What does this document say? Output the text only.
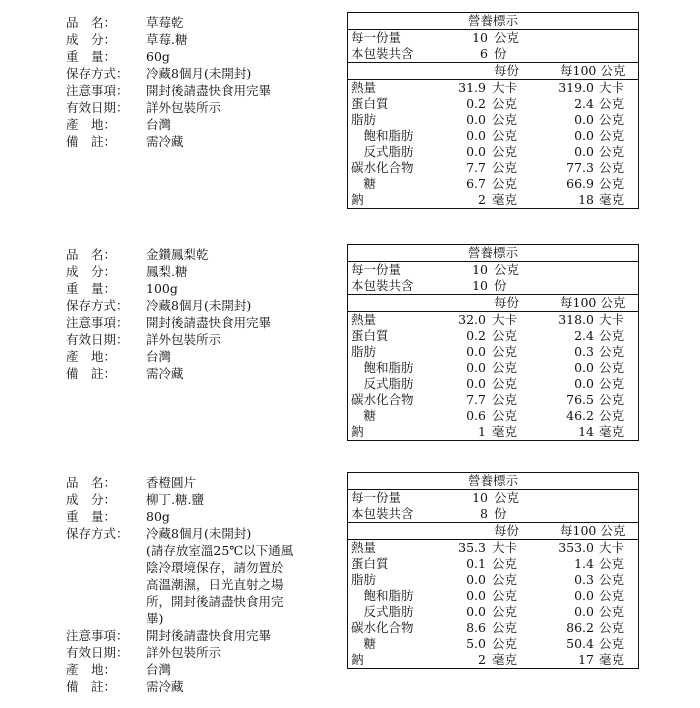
品　名：	草莓乾
成　分：	草莓.糖
重　量：	60g
保存方式：	冷藏8個月(未開封)
注意事項：	開封後請盡快食用完畢
有效日期：	詳外包裝所示
產　地：	台灣
備　註：	需冷藏
營養標示
每一份量	10 公克
本包裝共含	6 份
每份	每100 公克
熱量	31.9 大卡	319.0 大卡
蛋白質	0.2 公克	2.4 公克
脂肪	0.0 公克	0.0 公克
　飽和脂肪	0.0 公克	0.0 公克
　反式脂肪	0.0 公克	0.0 公克
碳水化合物	7.7 公克	77.3 公克
　糖	6.7 公克	66.9 公克
鈉	2 毫克	18 毫克
品　名：	金鑽鳳梨乾
成　分：	鳳梨.糖
重　量：	100g
保存方式：	冷藏8個月(未開封)
注意事項：	開封後請盡快食用完畢
有效日期：	詳外包裝所示
產　地：	台灣
備　註：	需冷藏
營養標示
每一份量	10 公克
本包裝共含	10 份
每份	每100 公克
熱量	32.0 大卡	318.0 大卡
蛋白質	0.2 公克	2.4 公克
脂肪	0.0 公克	0.3 公克
　飽和脂肪	0.0 公克	0.0 公克
　反式脂肪	0.0 公克	0.0 公克
碳水化合物	7.7 公克	76.5 公克
　糖	0.6 公克	46.2 公克
鈉	1 毫克	14 毫克
品　名：	香橙圓片
成　分：	柳丁.糖.鹽
重　量：	80g
保存方式：	冷藏8個月(未開封)
(請存放室溫25℃以下通風
陰冷環境保存，請勿置於
高溫潮濕，日光直射之場
所，開封後請盡快食用完
畢)
注意事項：	開封後請盡快食用完畢
有效日期：	詳外包裝所示
產　地：	台灣
備　註：	需冷藏
營養標示
每一份量	10 公克
本包裝共含	8 份
每份	每100 公克
熱量	35.3 大卡	353.0 大卡
蛋白質	0.1 公克	1.4 公克
脂肪	0.0 公克	0.3 公克
　飽和脂肪	0.0 公克	0.0 公克
　反式脂肪	0.0 公克	0.0 公克
碳水化合物	8.6 公克	86.2 公克
　糖	5.0 公克	50.4 公克
鈉	2 毫克	17 毫克
